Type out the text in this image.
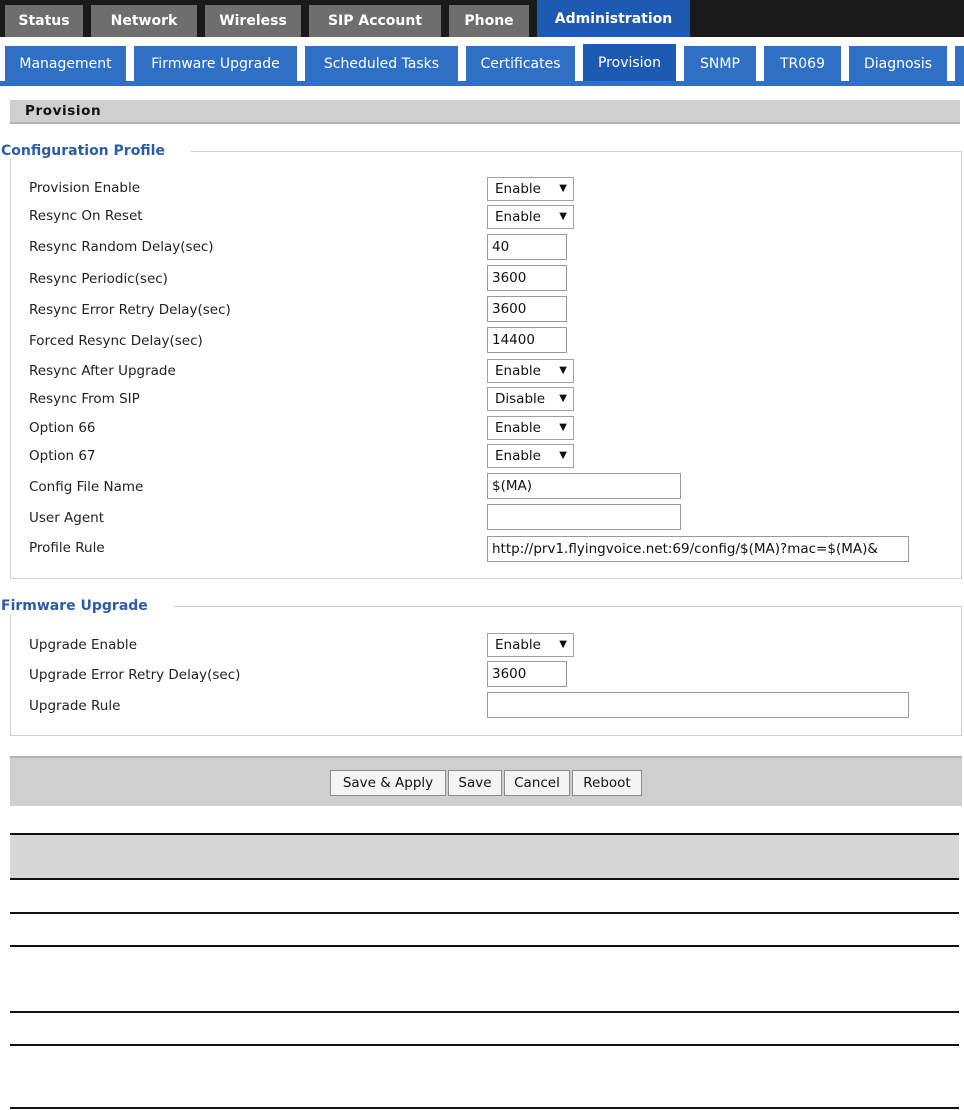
Status	Network	Wireless	SIP Account	Phone	Administration
Management	Firmware Upgrade	Scheduled Tasks	Certificates	Provision	SNMP	TR069	Diagnosis
Provision
Configuration Profile
Provision Enable	Enable ▼
Resync On Reset	Enable ▼
Resync Random Delay(sec)	40
Resync Periodic(sec)	3600
Resync Error Retry Delay(sec)	3600
Forced Resync Delay(sec)	14400
Resync After Upgrade	Enable ▼
Resync From SIP	Disable ▼
Option 66	Enable ▼
Option 67	Enable ▼
Config File Name	$(MA)
User Agent
Profile Rule	http://prv1.flyingvoice.net:69/config/$(MA)?mac=$(MA)&
Firmware Upgrade
Upgrade Enable	Enable ▼
Upgrade Error Retry Delay(sec)	3600
Upgrade Rule
Save & Apply	Save	Cancel	Reboot
